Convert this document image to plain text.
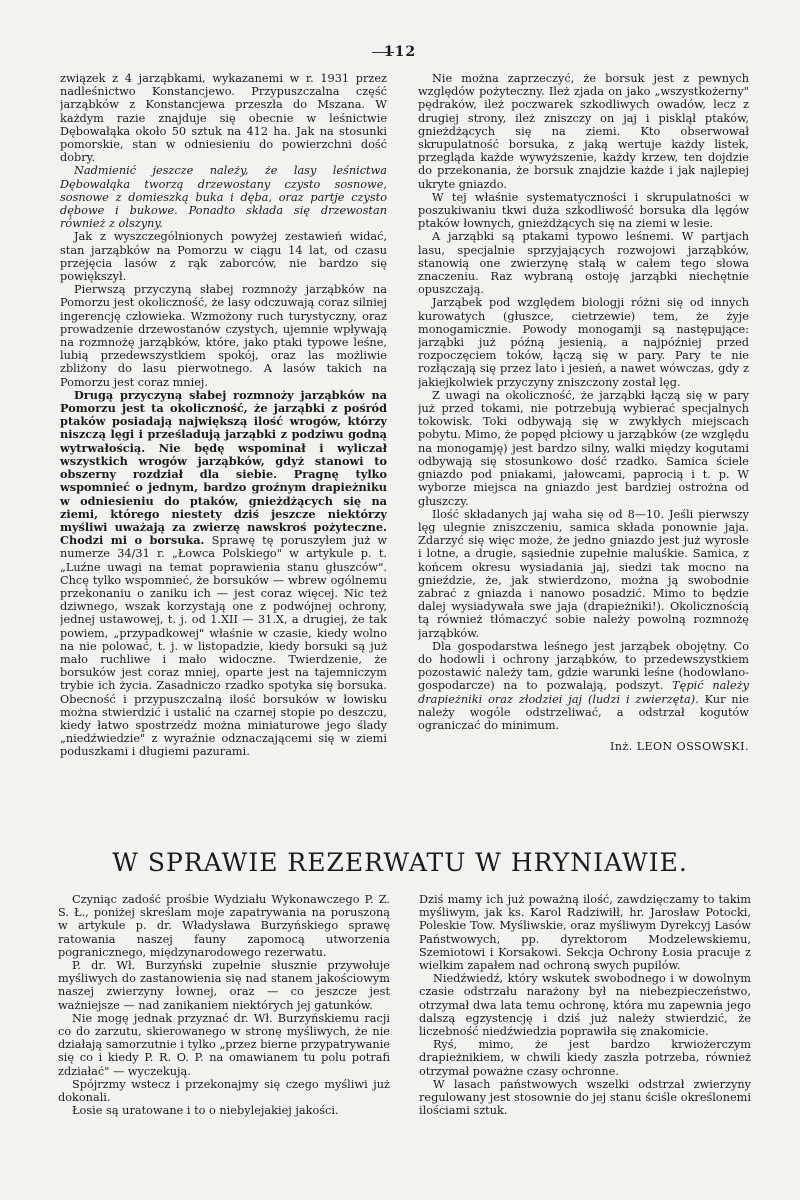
112

związek z 4 jarząbkami, wykazanemi w r. 1931 przez nadleśnictwo Konstancjewo. Przypuszczalna część jarząbków z Konstancjewa przeszła do Mszana. W każdym razie znajduje się obecnie w leśnictwie Dębowałąka około 50 sztuk na 412 ha. Jak na stosunki pomorskie, stan w odniesieniu do powierzchni dość dobry.

Nadmienić jeszcze należy, że lasy leśnictwa Dębowałąka tworzą drzewostany czysto sosnowe, sosnowe z domieszką buka i dęba, oraz partje czysto dębowe i bukowe. Ponadto składa się drzewostan również z olszyny.

Jak z wyszczególnionych powyżej zestawień widać, stan jarząbków na Pomorzu w ciągu 14 lat, od czasu przejęcia lasów z rąk zaborców, nie bardzo się powiększył.

Pierwszą przyczyną słabej rozmnoży jarząbków na Pomorzu jest okoliczność, że lasy odczuwają coraz silniej ingerencję człowieka. Wzmożony ruch turystyczny, oraz prowadzenie drzewostanów czystych, ujemnie wpływają na rozmnożę jarząbków, które, jako ptaki typowe leśne, lubią przedewszystkiem spokój, oraz las możliwie zbliżony do lasu pierwotnego. A lasów takich na Pomorzu jest coraz mniej.

Drugą przyczyną słabej rozmnoży jarząbków na Pomorzu jest ta okoliczność, że jarząbki z pośród ptaków posiadają największą ilość wrogów, którzy niszczą lęgi i prześladują jarząbki z podziwu godną wytrwałością. Nie będę wspominał i wyliczał wszystkich wrogów jarząbków, gdyż stanowi to obszerny rozdział dla siebie. Pragnę tylko wspomnieć o jednym, bardzo groźnym drapieżniku w odniesieniu do ptaków, gnieżdżących się na ziemi, którego niestety dziś jeszcze niektórzy myśliwi uważają za zwierzę nawskroś pożyteczne. Chodzi mi o borsuka. Sprawę tę poruszyłem już w numerze 34/31 r. „Łowca Polskiego" w artykule p. t. „Luźne uwagi na temat poprawienia stanu głuszców". Chcę tylko wspomnieć, że borsuków — wbrew ogólnemu przekonaniu o zaniku ich — jest coraz więcej. Nic też dziwnego, wszak korzystają one z podwójnej ochrony, jednej ustawowej, t. j. od 1.XII — 31.X, a drugiej, że tak powiem, „przypadkowej" właśnie w czasie, kiedy wolno na nie polować, t. j. w listopadzie, kiedy borsuki są już mało ruchliwe i mało widoczne. Twierdzenie, że borsuków jest coraz mniej, oparte jest na tajemniczym trybie ich życia. Zasadniczo rzadko spotyka się borsuka. Obecność i przypuszczalną ilość borsuków w łowisku można stwierdzić i ustalić na czarnej stopie po deszczu, kiedy łatwo spostrzedz można miniaturowe jego ślady „niedźwiedzie" z wyraźnie odznaczającemi się w ziemi poduszkami i długiemi pazurami.

Nie można zaprzeczyć, że borsuk jest z pewnych względów pożyteczny. Ileż zjada on jako „wszystkożerny" pędraków, ileż poczwarek szkodliwych owadów, lecz z drugiej strony, ileż zniszczy on jaj i pisklął ptaków, gnieżdżących się na ziemi. Kto obserwował skrupulatność borsuka, z jaką wertuje każdy listek, przegląda każde wywyższenie, każdy krzew, ten dojdzie do przekonania, że borsuk znajdzie każde i jak najlepiej ukryte gniazdo.

W tej właśnie systematyczności i skrupulatności w poszukiwaniu tkwi duża szkodliwość borsuka dla lęgów ptaków łownych, gnieżdżących się na ziemi w lesie.

A jarząbki są ptakami typowo leśnemi. W partjach lasu, specjalnie sprzyjających rozwojowi jarząbków, stanowią one zwierzynę stałą w całem tego słowa znaczeniu. Raz wybraną ostoję jarząbki niechętnie opuszczają.

Jarząbek pod względem biologji różni się od innych kurowatych (głuszce, cietrzewie) tem, że żyje monogamicznie. Powody monogamji są następujące: jarząbki już późną jesienią, a najpóźniej przed rozpoczęciem toków, łączą się w pary. Pary te nie rozłączają się przez lato i jesień, a nawet wówczas, gdy z jakiejkolwiek przyczyny zniszczony został lęg.

Z uwagi na okoliczność, że jarząbki łączą się w pary już przed tokami, nie potrzebują wybierać specjalnych tokowisk. Toki odbywają się w zwykłych miejscach pobytu. Mimo, że popęd płciowy u jarząbków (ze względu na monogamję) jest bardzo silny, walki między kogutami odbywają się stosunkowo dość rzadko. Samica ściele gniazdo pod pniakami, jałowcami, paprocią i t. p. W wyborze miejsca na gniazdo jest bardziej ostrożna od głuszczy.

Ilość składanych jaj waha się od 8—10. Jeśli pierwszy lęg ulegnie zniszczeniu, samica składa ponownie jaja. Zdarzyć się więc może, że jedno gniazdo jest już wyrosłe i lotne, a drugie, sąsiednie zupełnie maluśkie. Samica, z końcem okresu wysiadania jaj, siedzi tak mocno na gnieździe, że, jak stwierdzono, można ją swobodnie zabrać z gniazda i nanowo posadzić. Mimo to będzie dalej wysiadywała swe jaja (drapieżniki!). Okolicznością tą również tłómaczyć sobie należy powolną rozmnożę jarząbków.

Dla gospodarstwa leśnego jest jarząbek obojętny. Co do hodowli i ochrony jarząbków, to przedewszystkiem pozostawić należy tam, gdzie warunki leśne (hodowlano-gospodarcze) na to pozwalają, podszyt. Tępić należy drapieżniki oraz złodziei jaj (ludzi i zwierzęta). Kur nie należy wogóle odstrzeliwać, a odstrzał kogutów ograniczać do minimum.

Inż. LEON OSSOWSKI.
W SPRAWIE REZERWATU W HRYNIAWIE.

Czyniąc zadość prośbie Wydziału Wykonawczego P. Z. S. Ł., poniżej skreślam moje zapatrywania na poruszoną w artykule p. dr. Władysława Burzyńskiego sprawę ratowania naszej fauny zapomocą utworzenia pogranicznego, międzynarodowego rezerwatu.

P. dr. Wł. Burzyński zupełnie słusznie przywołuje myśliwych do zastanowienia się nad stanem jakościowym naszej zwierzyny łownej, oraz — co jeszcze jest ważniejsze — nad zanikaniem niektórych jej gatunków.

Nie mogę jednak przyznać dr. Wł. Burzyńskiemu racji co do zarzutu, skierowanego w stronę myśliwych, że nie działają samorzutnie i tylko „przez bierne przypatrywanie się co i kiedy P. R. O. P. na omawianem tu polu potrafi zdziałać" — wyczekują.

Spójrzmy wstecz i przekonajmy się czego myśliwi już dokonali.

Łosie są uratowane i to o niebylejakiej jakości.

Dziś mamy ich już poważną ilość, zawdzięczamy to takim myśliwym, jak ks. Karol Radziwiłł, hr. Jarosław Potocki, Poleskie Tow. Myśliwskie, oraz myśliwym Dyrekcyj Lasów Państwowych, pp. dyrektorom Modzelewskiemu, Szemiotowi i Korsakowi. Sekcja Ochrony Łosia pracuje z wielkim zapałem nad ochroną swych pupilów.

Niedźwiedź, który wskutek swobodnego i w dowolnym czasie odstrzału narażony był na niebezpieczeństwo, otrzymał dwa lata temu ochronę, która mu zapewnia jego dalszą egzystencję i dziś już należy stwierdzić, że liczebność niedźwiedzia poprawiła się znakomicie.

Ryś, mimo, że jest bardzo krwiożerczym drapieżnikiem, w chwili kiedy zaszła potrzeba, również otrzymał poważne czasy ochronne.

W lasach państwowych wszelki odstrzał zwierzyny regulowany jest stosownie do jej stanu ściśle określonemi ilościami sztuk.
